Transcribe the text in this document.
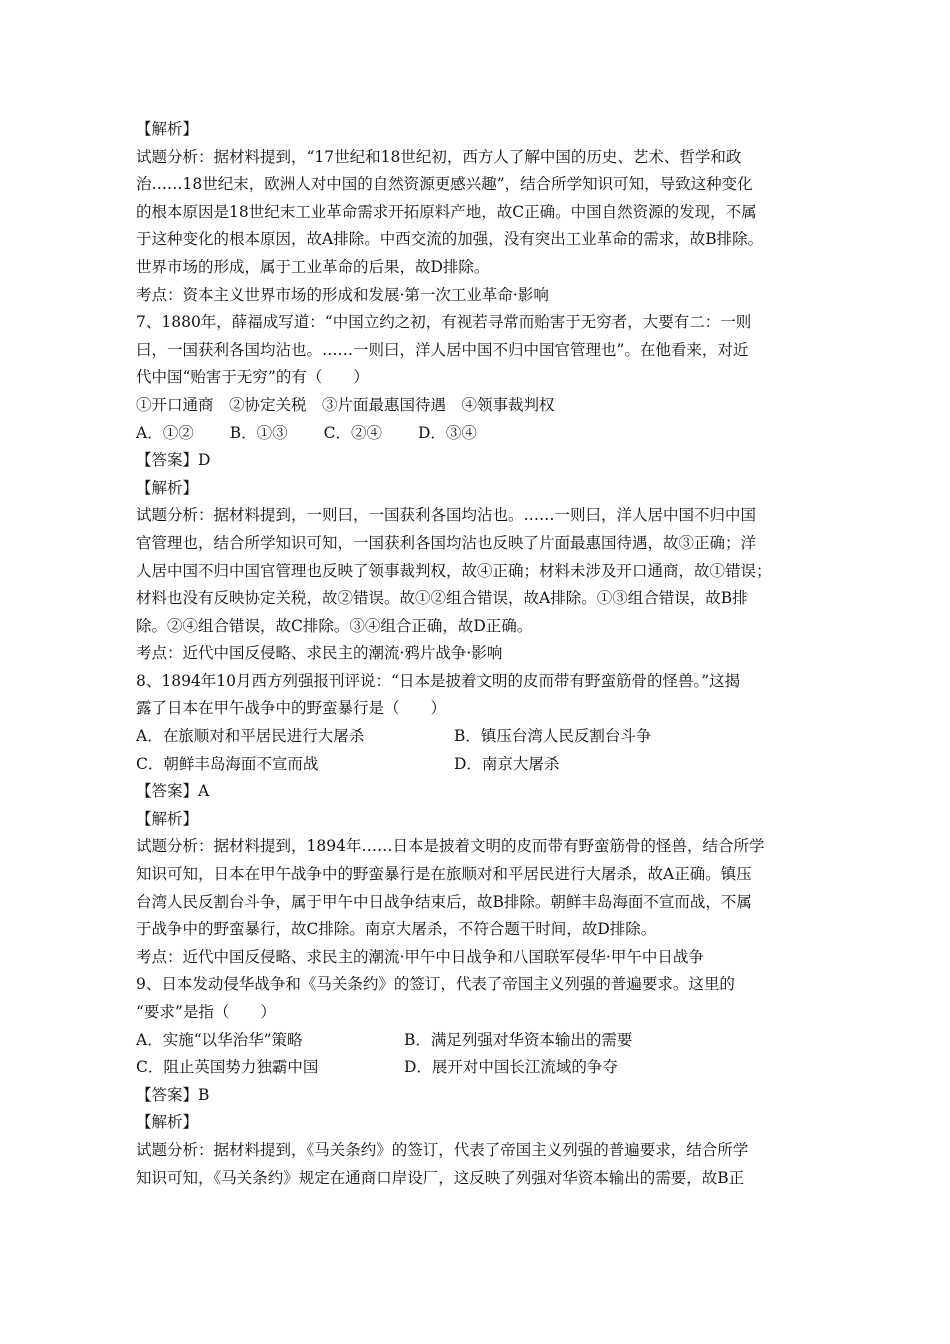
【解析】
试题分析：据材料提到，“17世纪和18世纪初，西方人了解中国的历史、艺术、哲学和政
治……18世纪末，欧洲人对中国的自然资源更感兴趣”，结合所学知识可知，导致这种变化
的根本原因是18世纪末工业革命需求开拓原料产地，故C正确。中国自然资源的发现，不属
于这种变化的根本原因，故A排除。中西交流的加强，没有突出工业革命的需求，故B排除。
世界市场的形成，属于工业革命的后果，故D排除。
考点：资本主义世界市场的形成和发展·第一次工业革命·影响
7、1880年，薛福成写道：“中国立约之初，有视若寻常而贻害于无穷者，大要有二：一则
曰，一国获利各国均沾也。……一则曰，洋人居中国不归中国官管理也”。在他看来，对近
代中国“贻害于无穷”的有（　　）
①开口通商　②协定关税　③片面最惠国待遇　④领事裁判权
A．①② B．①③ C．②④ D．③④
【答案】D
【解析】
试题分析：据材料提到，一则曰，一国获利各国均沾也。……一则曰，洋人居中国不归中国
官管理也，结合所学知识可知，一国获利各国均沾也反映了片面最惠国待遇，故③正确；洋
人居中国不归中国官管理也反映了领事裁判权，故④正确；材料未涉及开口通商，故①错误；
材料也没有反映协定关税，故②错误。故①②组合错误，故A排除。①③组合错误，故B排
除。②④组合错误，故C排除。③④组合正确，故D正确。
考点：近代中国反侵略、求民主的潮流·鸦片战争·影响
8、1894年10月西方列强报刊评说：“日本是披着文明的皮而带有野蛮筋骨的怪兽。”这揭
露了日本在甲午战争中的野蛮暴行是（　　）
A．在旅顺对和平居民进行大屠杀	B．镇压台湾人民反割台斗争
C．朝鲜丰岛海面不宣而战	D．南京大屠杀
【答案】A
【解析】
试题分析：据材料提到，1894年……日本是披着文明的皮而带有野蛮筋骨的怪兽，结合所学
知识可知，日本在甲午战争中的野蛮暴行是在旅顺对和平居民进行大屠杀，故A正确。镇压
台湾人民反割台斗争，属于甲午中日战争结束后，故B排除。朝鲜丰岛海面不宣而战，不属
于战争中的野蛮暴行，故C排除。南京大屠杀，不符合题干时间，故D排除。
考点：近代中国反侵略、求民主的潮流·甲午中日战争和八国联军侵华·甲午中日战争
9、日本发动侵华战争和《马关条约》的签订，代表了帝国主义列强的普遍要求。这里的
“要求”是指（　　）
A．实施“以华治华”策略	B．满足列强对华资本输出的需要
C．阻止英国势力独霸中国	D．展开对中国长江流域的争夺
【答案】B
【解析】
试题分析：据材料提到，《马关条约》的签订，代表了帝国主义列强的普遍要求，结合所学
知识可知，《马关条约》规定在通商口岸设厂，这反映了列强对华资本输出的需要，故B正
